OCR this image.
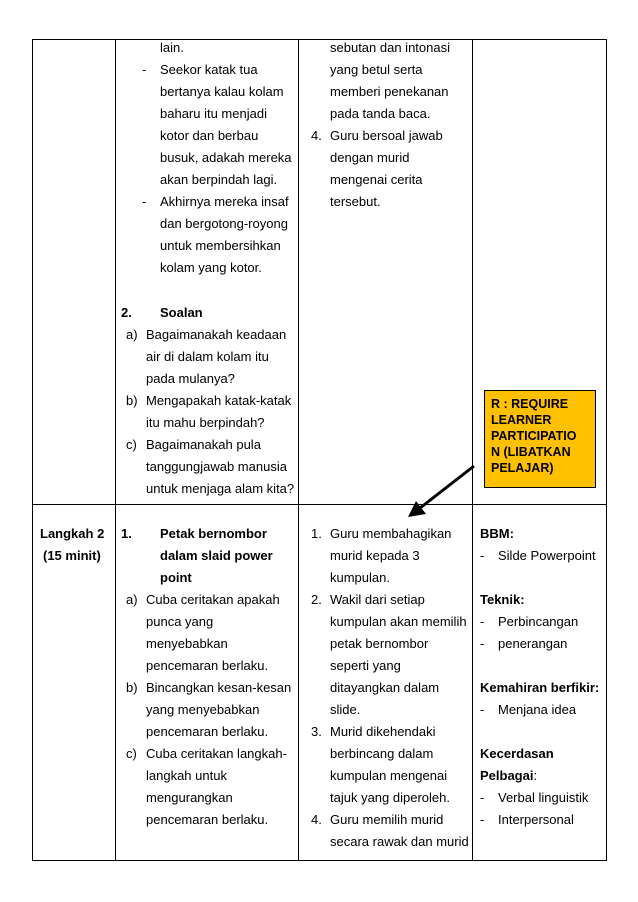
lain.
- Seekor katak tua
bertanya kalau kolam
baharu itu menjadi
kotor dan berbau
busuk, adakah mereka
akan berpindah lagi.
- Akhirnya mereka insaf
dan bergotong-royong
untuk membersihkan
kolam yang kotor.
2. Soalan
a) Bagaimanakah keadaan
air di dalam kolam itu
pada mulanya?
b) Mengapakah katak-katak
itu mahu berpindah?
c) Bagaimanakah pula
tanggungjawab manusia
untuk menjaga alam kita?
sebutan dan intonasi
yang betul serta
memberi penekanan
pada tanda baca.
4. Guru bersoal jawab
dengan murid
mengenai cerita
tersebut.
R : REQUIRE
LEARNER
PARTICIPATIO
N (LIBATKAN
PELAJAR)
Langkah 2
(15 minit)
1. Petak bernombor
dalam slaid power
point
a) Cuba ceritakan apakah
punca yang
menyebabkan
pencemaran berlaku.
b) Bincangkan kesan-kesan
yang menyebabkan
pencemaran berlaku.
c) Cuba ceritakan langkah-
langkah untuk
mengurangkan
pencemaran berlaku.
1. Guru membahagikan
murid kepada 3
kumpulan.
2. Wakil dari setiap
kumpulan akan memilih
petak bernombor
seperti yang
ditayangkan dalam
slide.
3. Murid dikehendaki
berbincang dalam
kumpulan mengenai
tajuk yang diperoleh.
4. Guru memilih murid
secara rawak dan murid
BBM:
- Silde Powerpoint
Teknik:
- Perbincangan
- penerangan
Kemahiran berfikir:
- Menjana idea
Kecerdasan
Pelbagai:
- Verbal linguistik
- Interpersonal
